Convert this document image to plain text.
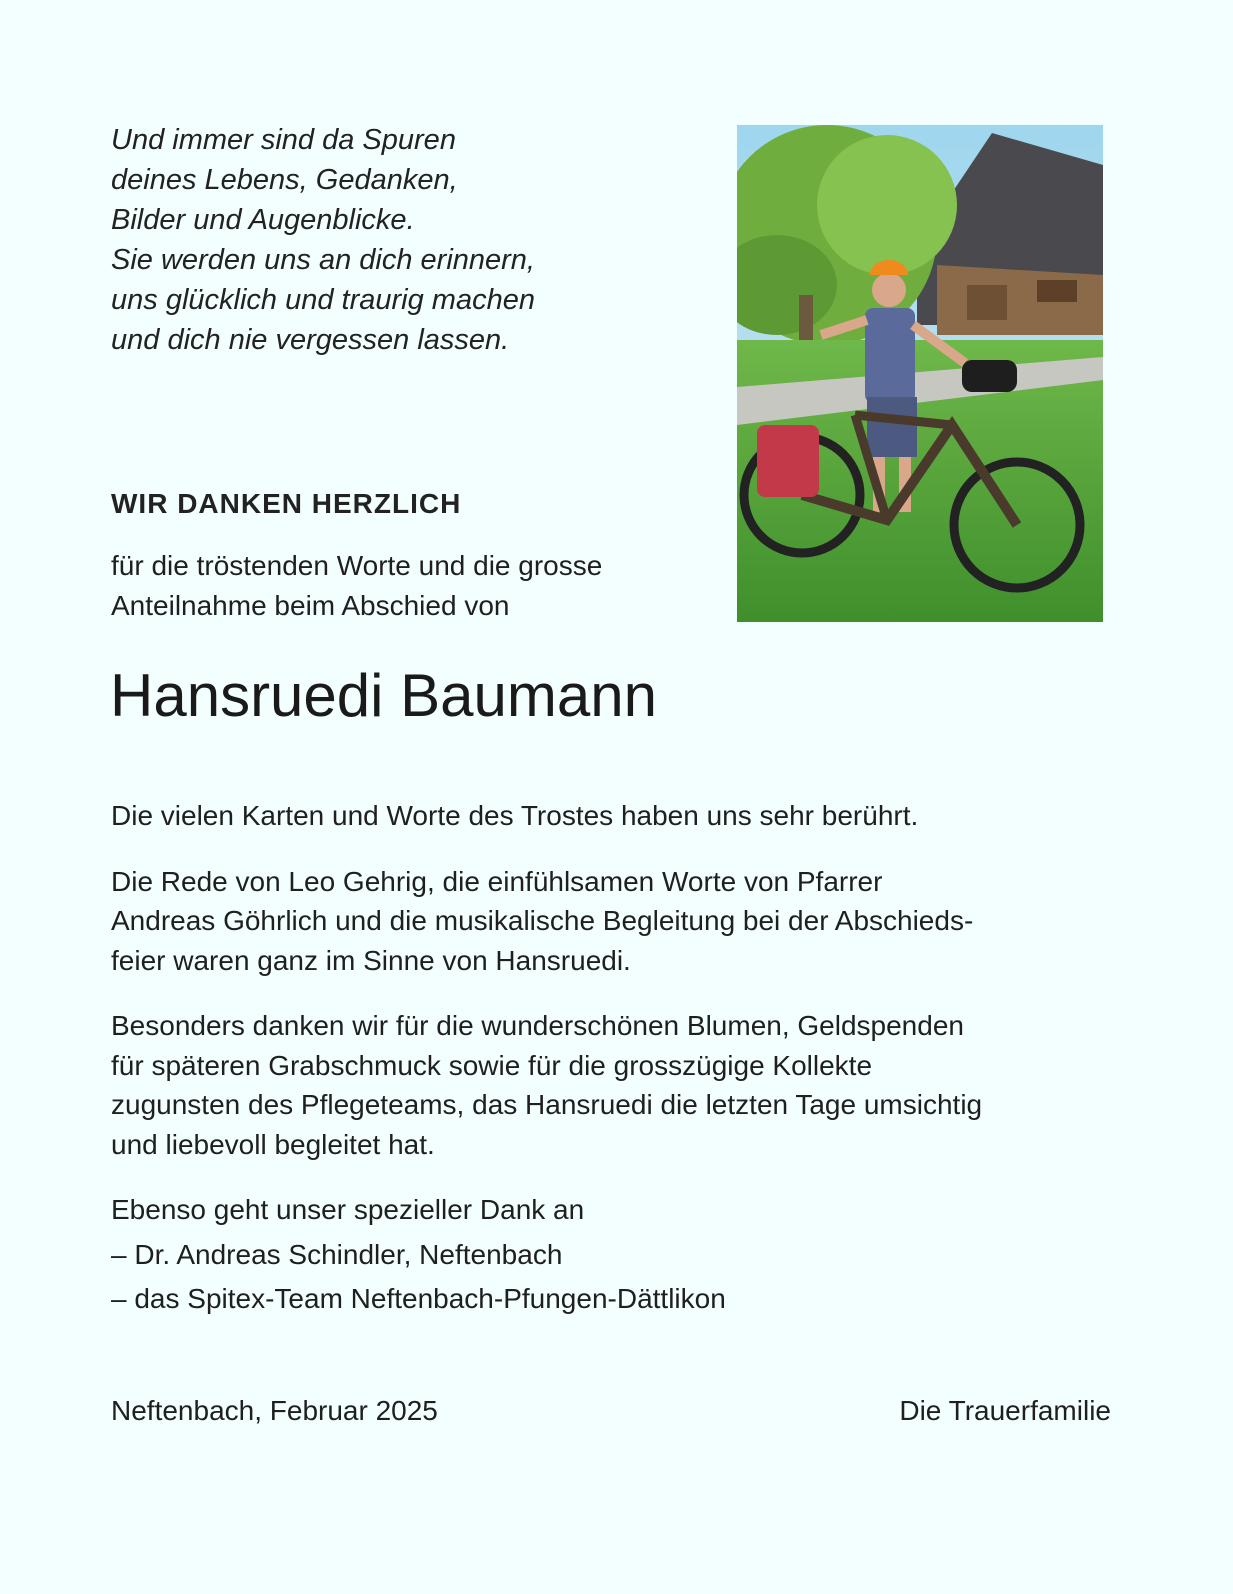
Und immer sind da Spuren
deines Lebens, Gedanken,
Bilder und Augenblicke.
Sie werden uns an dich erinnern,
uns glücklich und traurig machen
und dich nie vergessen lassen.
WIR DANKEN HERZLICH
für die tröstenden Worte und die grosse
Anteilnahme beim Abschied von
Hansruedi Baumann

Die vielen Karten und Worte des Trostes haben uns sehr berührt.

Die Rede von Leo Gehrig, die einfühlsamen Worte von Pfarrer
Andreas Göhrlich und die musikalische Begleitung bei der Abschieds-
feier waren ganz im Sinne von Hansruedi.

Besonders danken wir für die wunderschönen Blumen, Geldspenden
für späteren Grabschmuck sowie für die grosszügige Kollekte
zugunsten des Pflegeteams, das Hansruedi die letzten Tage umsichtig
und liebevoll begleitet hat.

Ebenso geht unser spezieller Dank an

– Dr. Andreas Schindler, Neftenbach
– das Spitex-Team Neftenbach-Pfungen-Dättlikon
Neftenbach, Februar 2025	Die Trauerfamilie
